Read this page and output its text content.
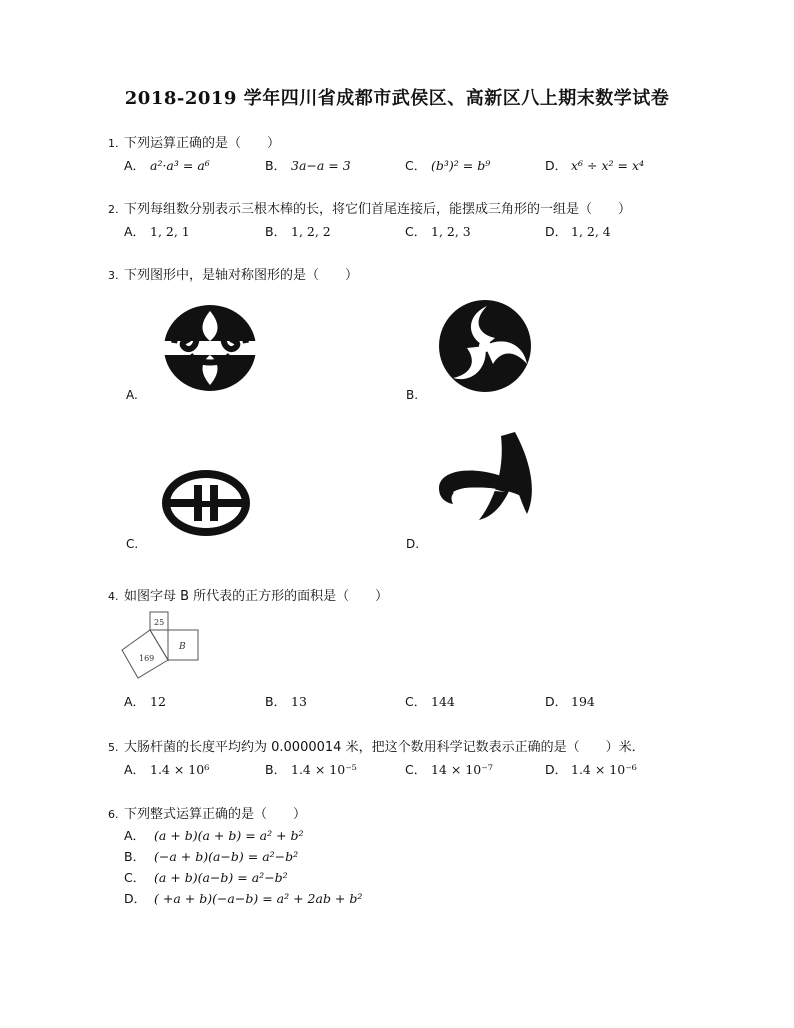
2018-2019 学年四川省成都市武侯区、高新区八上期末数学试卷
1. 下列运算正确的是（　　）
A． a²·a³ = a⁶	B． 3a−a = 3	C． (b³)² = b⁹	D． x⁶ ÷ x² = x⁴
2. 下列每组数分别表示三根木棒的长，将它们首尾连接后，能摆成三角形的一组是（　　）
A． 1, 2, 1	B． 1, 2, 2	C． 1, 2, 3	D． 1, 2, 4
3. 下列图形中，是轴对称图形的是（　　）
A.	B.
C.	D.
4. 如图字母 B 所代表的正方形的面积是（　　）
25
169
B
A． 12	B． 13	C． 144	D． 194
5. 大肠杆菌的长度平均约为 0.0000014 米，把这个数用科学记数表示正确的是（　　）米．
A． 1.4 × 10⁶	B． 1.4 × 10⁻⁵	C． 14 × 10⁻⁷	D． 1.4 × 10⁻⁶
6. 下列整式运算正确的是（　　）
A． (a + b)(a + b) = a² + b²
B． (−a + b)(a−b) = a²−b²
C． (a + b)(a−b) = a²−b²
D． ( +a + b)(−a−b) = a² + 2ab + b²
